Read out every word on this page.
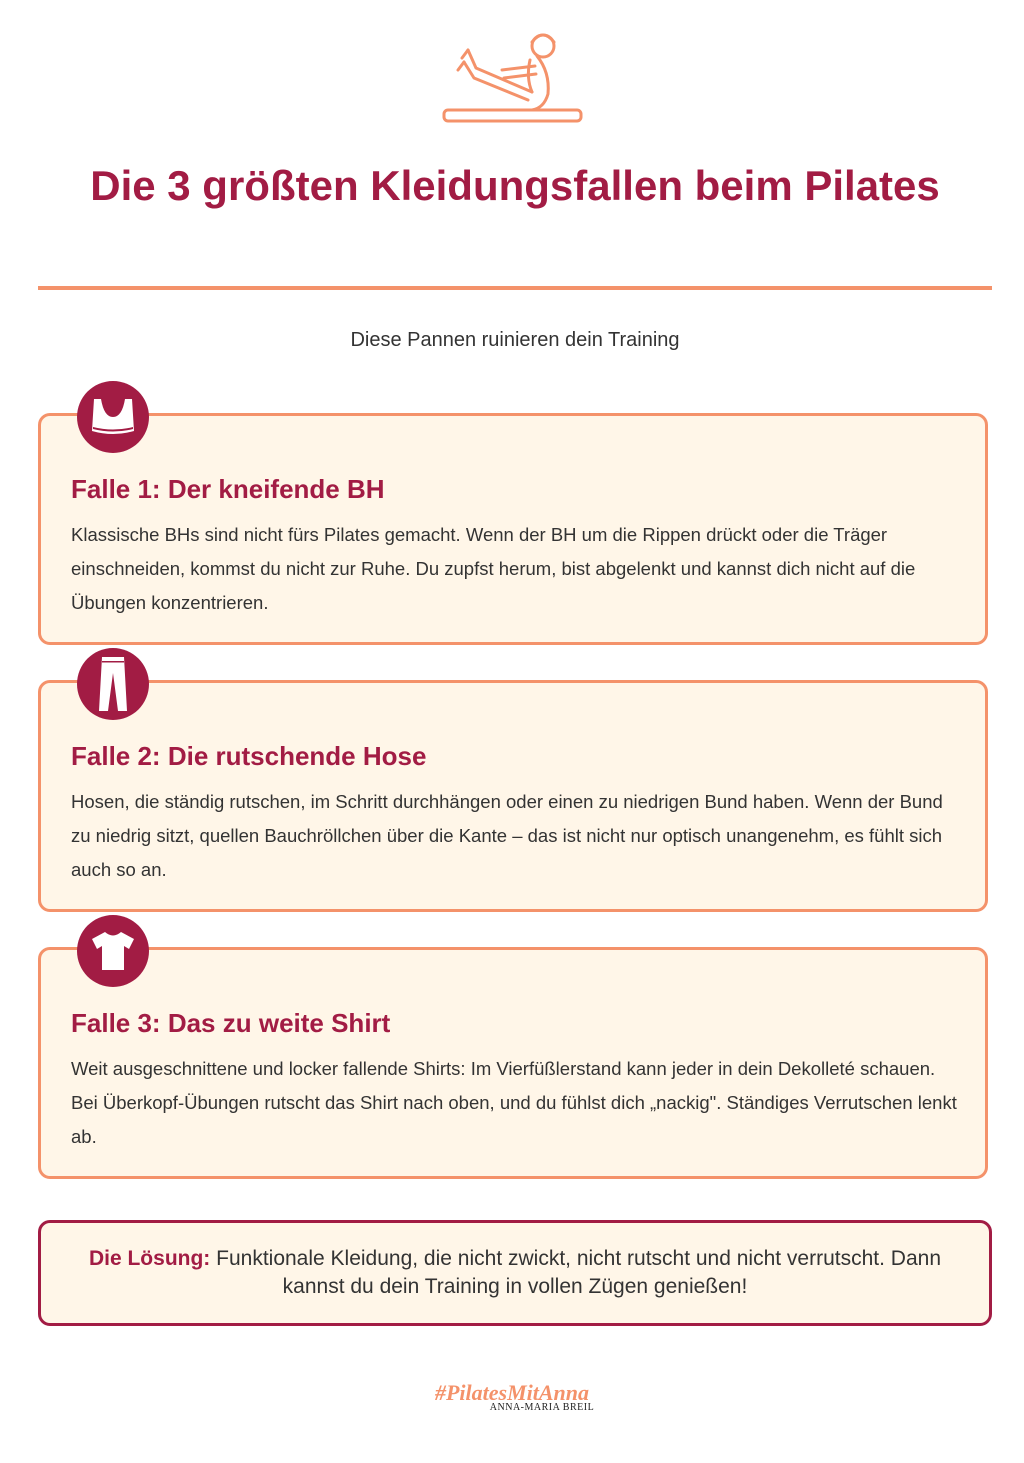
Die 3 größten Kleidungsfallen beim Pilates
Diese Pannen ruinieren dein Training
Falle 1: Der kneifende BH

Klassische BHs sind nicht fürs Pilates gemacht. Wenn der BH um die Rippen drückt oder die Träger einschneiden, kommst du nicht zur Ruhe. Du zupfst herum, bist abgelenkt und kannst dich nicht auf die Übungen konzentrieren.

Falle 2: Die rutschende Hose

Hosen, die ständig rutschen, im Schritt durchhängen oder einen zu niedrigen Bund haben. Wenn der Bund zu niedrig sitzt, quellen Bauchröllchen über die Kante – das ist nicht nur optisch unangenehm, es fühlt sich auch so an.

Falle 3: Das zu weite Shirt

Weit ausgeschnittene und locker fallende Shirts: Im Vierfüßlerstand kann jeder in dein Dekolleté schauen. Bei Überkopf-Übungen rutscht das Shirt nach oben, und du fühlst dich „nackig". Ständiges Verrutschen lenkt ab.

Die Lösung: Funktionale Kleidung, die nicht zwickt, nicht rutscht und nicht verrutscht. Dann kannst du dein Training in vollen Zügen genießen!

#PilatesMitAnna
ANNA-MARIA BREIL
